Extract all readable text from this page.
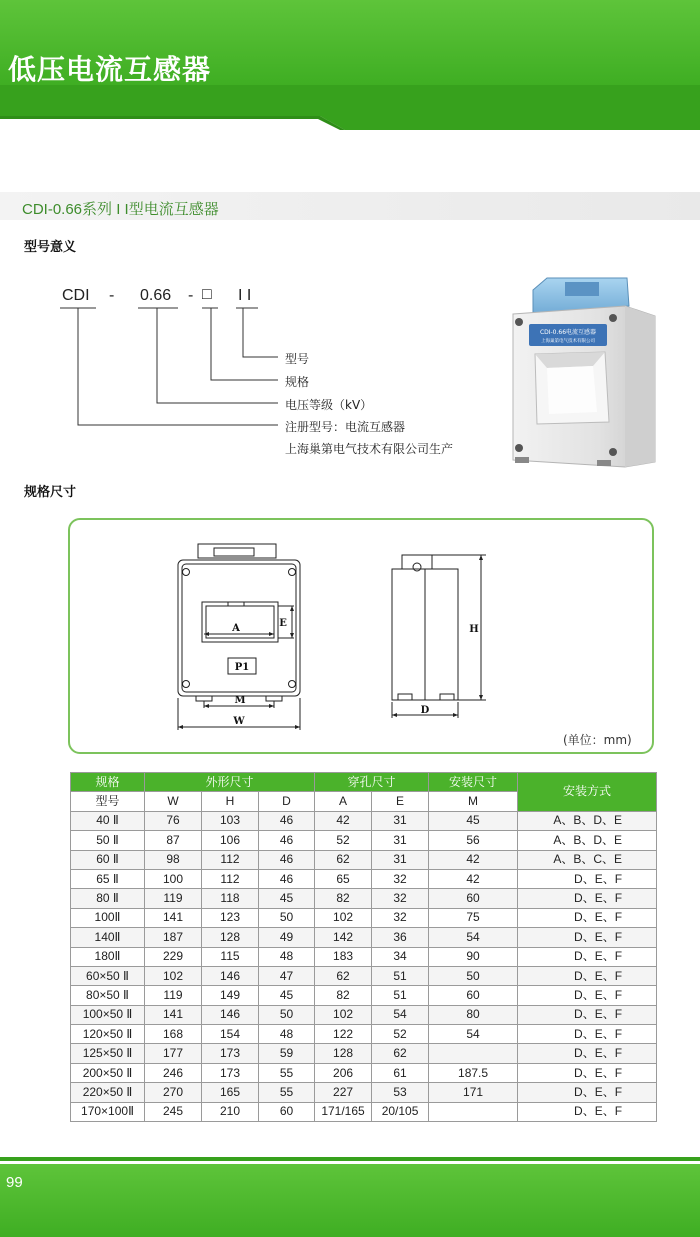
低压电流互感器
CDI-0.66系列 I I型电流互感器
型号意义
CDI - 0.66 - □ I I
型号
规格
电压等级（kV）
注册型号：电流互感器
上海巢第电气技术有限公司生产
CDI-0.66电流互感器
上海巢第电气技术有限公司
规格尺寸
A	E
P1
M
W
D
H
(单位：mm)
规格	外形尺寸			穿孔尺寸		安装尺寸	安装方式
型号	W	H	D	A	E	M	
40 Ⅱ	76	103	46	42	31	45	A、B、D、E
50 Ⅱ	87	106	46	52	31	56	A、B、D、E
60 Ⅱ	98	112	46	62	31	42	A、B、C、E
65 Ⅱ	100	112	46	65	32	42	D、E、F
80 Ⅱ	119	118	45	82	32	60	D、E、F
100Ⅱ	141	123	50	102	32	75	D、E、F
140Ⅱ	187	128	49	142	36	54	D、E、F
180Ⅱ	229	115	48	183	34	90	D、E、F
60×50 Ⅱ	102	146	47	62	51	50	D、E、F
80×50 Ⅱ	119	149	45	82	51	60	D、E、F
100×50 Ⅱ	141	146	50	102	54	80	D、E、F
120×50 Ⅱ	168	154	48	122	52	54	D、E、F
125×50 Ⅱ	177	173	59	128	62		D、E、F
200×50 Ⅱ	246	173	55	206	61	187.5	D、E、F
220×50 Ⅱ	270	165	55	227	53	171	D、E、F
170×100Ⅱ	245	210	60	171/165	20/105		D、E、F
99
